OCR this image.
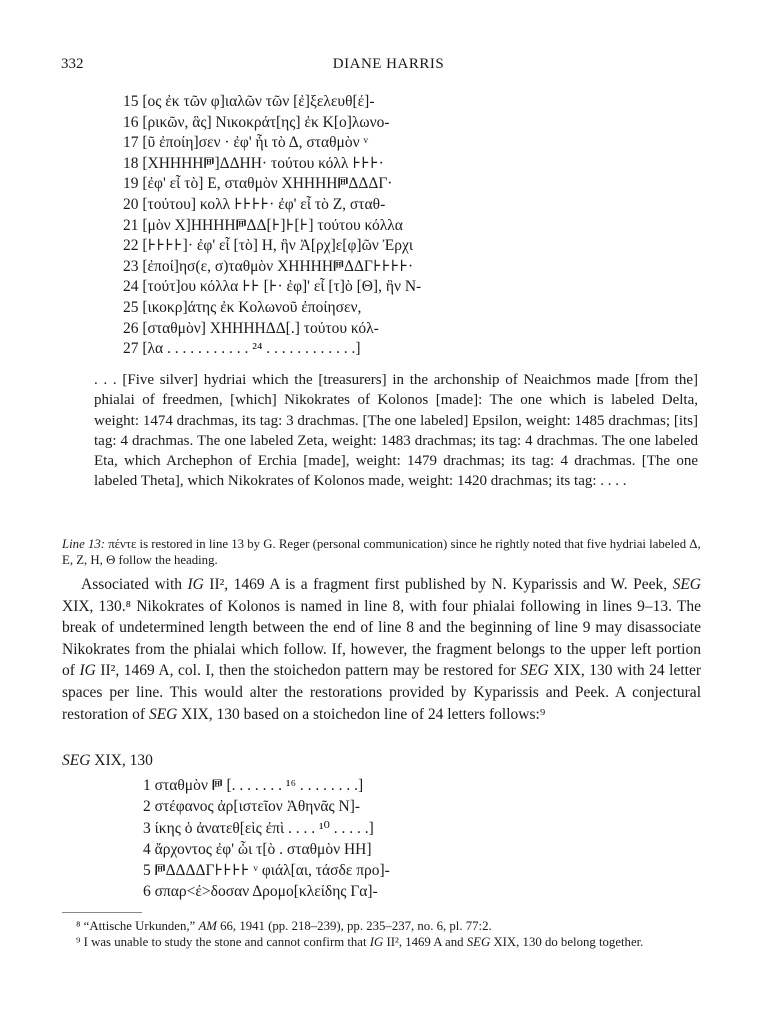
332	DIANE HARRIS
15 [ος ἐκ τῶν φ]ιαλῶν τῶν [ἐ]ξελευθ[έ]-
16 [ρικῶν, ἃς] Νικοκράτ[ης] ἐκ Κ[ο]λωνο-
17 [ῦ ἐποίη]σεν · ἐφ' ἧι τὸ Δ, σταθμὸν ᵛ
18 [ΧΗΗΗΗ𐅅]ΔΔΗΗ· τούτου κόλλ ⊦⊦⊦·
19 [ἐφ' εἶ τὸ] Ε, σταθμὸν ΧΗΗΗΗ𐅅ΔΔΔΓ·
20 [τούτου] κολλ ⊦⊦⊦⊦· ἐφ' εἶ τὸ Ζ, σταθ-
21 [μὸν Χ]ΗΗΗΗ𐅅ΔΔ[⊦]⊦[⊦] τούτου κόλλα
22 [⊦⊦⊦⊦]· ἐφ' εἶ [τὸ] Η, ἣν Ἀ[ρχ]ε[φ]ῶν Ἐρχι
23 [ἐποί]ησ(ε, σ)ταθμὸν ΧΗΗΗΗ𐅅ΔΔΓ⊦⊦⊦⊦·
24 [τούτ]ου κόλλα ⊦⊦ [⊦· ἐφ]' εἶ [τ]ὸ [Θ], ἣν Ν-
25 [ικοκρ]άτης ἐκ Κολωνοῦ ἐποίησεν,
26 [σταθμὸν] ΧΗΗΗΗΔΔ[.] τούτου κόλ-
27 [λα . . . . . . . . . . . ²⁴ . . . . . . . . . . . .]
. . . [Five silver] hydriai which the [treasurers] in the archonship of Neaichmos made [from the] phialai of freedmen, [which] Nikokrates of Kolonos [made]: The one which is labeled Delta, weight: 1474 drachmas, its tag: 3 drachmas. [The one labeled] Epsilon, weight: 1485 drachmas; [its] tag: 4 drachmas. The one labeled Zeta, weight: 1483 drachmas; its tag: 4 drachmas. The one labeled Eta, which Archephon of Erchia [made], weight: 1479 drachmas; its tag: 4 drachmas. [The one labeled Theta], which Nikokrates of Kolonos made, weight: 1420 drachmas; its tag: . . . .
Line 13: πέντε is restored in line 13 by G. Reger (personal communication) since he rightly noted that five hydriai labeled Δ, Ε, Ζ, Η, Θ follow the heading.
Associated with IG II², 1469 A is a fragment first published by N. Kyparissis and W. Peek, SEG XIX, 130.⁸ Nikokrates of Kolonos is named in line 8, with four phialai following in lines 9–13. The break of undetermined length between the end of line 8 and the beginning of line 9 may disassociate Nikokrates from the phialai which follow. If, however, the fragment belongs to the upper left portion of IG II², 1469 A, col. I, then the stoichedon pattern may be restored for SEG XIX, 130 with 24 letter spaces per line. This would alter the restorations provided by Kyparissis and Peek. A conjectural restoration of SEG XIX, 130 based on a stoichedon line of 24 letters follows:⁹
SEG XIX, 130
1 σταθμὸν 𐅅 [. . . . . . . ¹⁶ . . . . . . . .]
2 στέφανος ἀρ[ιστεῖον Ἀθηνᾶς Ν]-
3 ίκης ὁ ἀνατεθ[εὶς ἐπὶ . . . . ¹⁰ . . . . .]
4 ἄρχοντος ἐφ' ὧι τ[ὸ . σταθμὸν ΗΗ]
5 𐅅ΔΔΔΔΓ⊦⊦⊦⊦ ᵛ φιάλ[αι, τάσδε προ]-
6 σπαρ<έ>δοσαν Δρομο[κλείδης Γα]-
⁸ “Attische Urkunden,” AM 66, 1941 (pp. 218–239), pp. 235–237, no. 6, pl. 77:2.
⁹ I was unable to study the stone and cannot confirm that IG II², 1469 A and SEG XIX, 130 do belong together.
